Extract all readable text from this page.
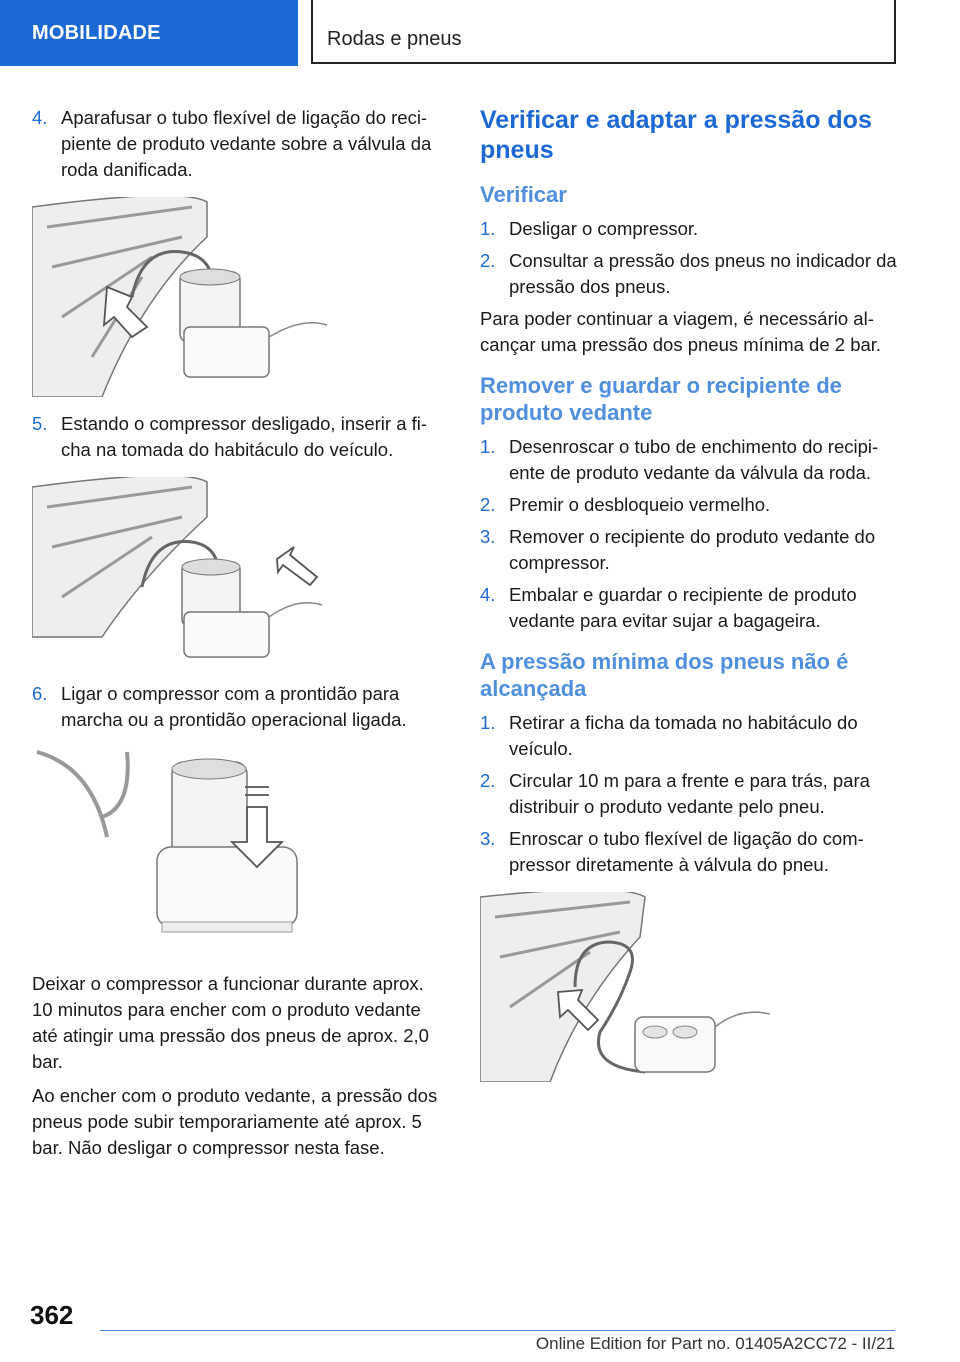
MOBILIDADE	Rodas e pneus
4. Aparafusar o tubo flexível de ligação do reci‐ piente de produto vedante sobre a válvula da roda danificada.
5. Estando o compressor desligado, inserir a fi‐ cha na tomada do habitáculo do veículo.
6. Ligar o compressor com a prontidão para marcha ou a prontidão operacional ligada.

Deixar o compressor a funcionar durante aprox. 10 minutos para encher com o produto vedante até atingir uma pressão dos pneus de aprox. 2,0 bar.

Ao encher com o produto vedante, a pressão dos pneus pode subir temporariamente até aprox. 5 bar. Não desligar o compressor nesta fase.

Verificar e adaptar a pressão dos pneus
Verificar
1. Desligar o compressor.
2. Consultar a pressão dos pneus no indicador da pressão dos pneus.

Para poder continuar a viagem, é necessário al‐ cançar uma pressão dos pneus mínima de 2 bar.

Remover e guardar o recipiente de produto vedante
1. Desenroscar o tubo de enchimento do recipi‐ ente de produto vedante da válvula da roda.
2. Premir o desbloqueio vermelho.
3. Remover o recipiente do produto vedante do compressor.
4. Embalar e guardar o recipiente de produto vedante para evitar sujar a bagageira.
A pressão mínima dos pneus não é alcançada
1. Retirar a ficha da tomada no habitáculo do veículo.
2. Circular 10 m para a frente e para trás, para distribuir o produto vedante pelo pneu.
3. Enroscar o tubo flexível de ligação do com‐ pressor diretamente à válvula do pneu.
362
Online Edition for Part no. 01405A2CC72 - II/21
